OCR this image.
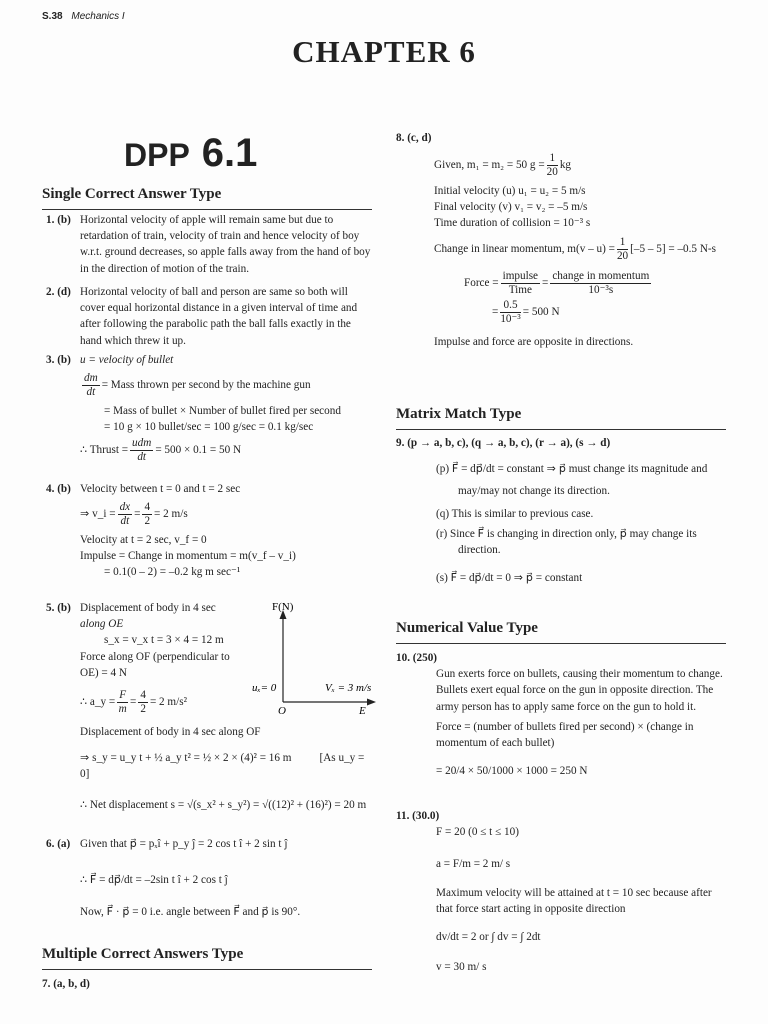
S.38 Mechanics I
CHAPTER 6
DPP 6.1
Single Correct Answer Type
1. (b) Horizontal velocity of apple will remain same but due to retardation of train, velocity of train and hence velocity of boy w.r.t. ground decreases, so apple falls away from the hand of boy in the direction of motion of the train.
2. (d) Horizontal velocity of ball and person are same so both will cover equal horizontal distance in a given interval of time and after following the parabolic path the ball falls exactly in the hand which threw it up.
3. (b) u = velocity of bullet
$\frac{dm}{dt}$ = Mass thrown per second by the machine gun
= Mass of bullet × Number of bullet fired per second
= 10 g × 10 bullet/sec = 100 g/sec = 0.1 kg/sec
∴ Thrust = $\frac{\text{udm}}{dt} = 500 \times 0.1 = 50$ N
4. (b) Velocity between t = 0 and t = 2 sec
⇒ v_i = $\frac{dx}{dt} = \frac{4}{2} = 2$ m/s
Velocity at t = 2 sec, v_f = 0
Impulse = Change in momentum = m(v_f – v_i)
= 0.1(0 – 2) = –0.2 kg m sec⁻¹
5. (b) Displacement of body in 4 sec
along OE
s_x = v_x t = 3 × 4 = 12 m
Force along OF (perpendicular to
OE) = 4 N
∴ a_y = $\frac{F}{m} = \frac{4}{2} = 2$ m/s²
Displacement of body in 4 sec along OF
⇒ s_y = u_y t + ½ a_y t² = ½ × 2 × (4)² = 16 m	[As u_y = 0]
∴ Net displacement s = √(s_x² + s_y²) = √((12)² + (16)²) = 20 m
F(N)
uₓ= 0	Vₓ = 3 m/s
O	E
6. (a) Given that p⃗ = pₓî + p_y ĵ = 2 cos t î + 2 sin t ĵ
∴ F⃗ = dp⃗/dt = –2sin t î + 2 cos t ĵ
Now, F⃗ · p⃗ = 0 i.e. angle between F⃗ and p⃗ is 90°.
Multiple Correct Answers Type
7. (a, b, d)
8. (c, d)
Given, m₁ = m₂ = 50 $g = \frac{1}{20}$ kg
Initial velocity (u) u₁ = u₂ = 5 m/s
Final velocity (v) v₁ = v₂ = –5 m/s
Time duration of collision = 10⁻³ s
Change in linear momentum, $m(v - u) = \frac{1}{20} [-5 - 5] = -0.5$ N-s
Force = $\frac{\text{impulse}}{\text{Time}} = \frac{\text{change in momentum}}{\text{10⁻³s}}$
= $\frac{0.5}{\text{10⁻³}} = 500$ N
Impulse and force are opposite in directions.
Matrix Match Type
9. (p → a, b, c), (q → a, b, c), (r → a), (s → d)
(p) F⃗ = dp⃗/dt = constant ⇒ p⃗ must change its magnitude and
may/may not change its direction.
(q) This is similar to previous case.
(r) Since F⃗ is changing in direction only, p⃗ may change its
direction.
(s) F⃗ = dp⃗/dt = 0 ⇒ p⃗ = constant
Numerical Value Type
10. (250)
Gun exerts force on bullets, causing their momentum to change. Bullets exert equal force on the gun in opposite direction. The army person has to apply same force on the gun to hold it.
Force = (number of bullets fired per second) × (change in momentum of each bullet)
= 20/4 × 50/1000 × 1000 = 250 N
11. (30.0)
F = 20 (0 ≤ t ≤ 10)
a = F/m = 2 m/ s
Maximum velocity will be attained at t = 10 sec because after that force start acting in opposite direction
dv/dt = 2 or ∫ dv = ∫ 2dt
v = 30 m/ s
